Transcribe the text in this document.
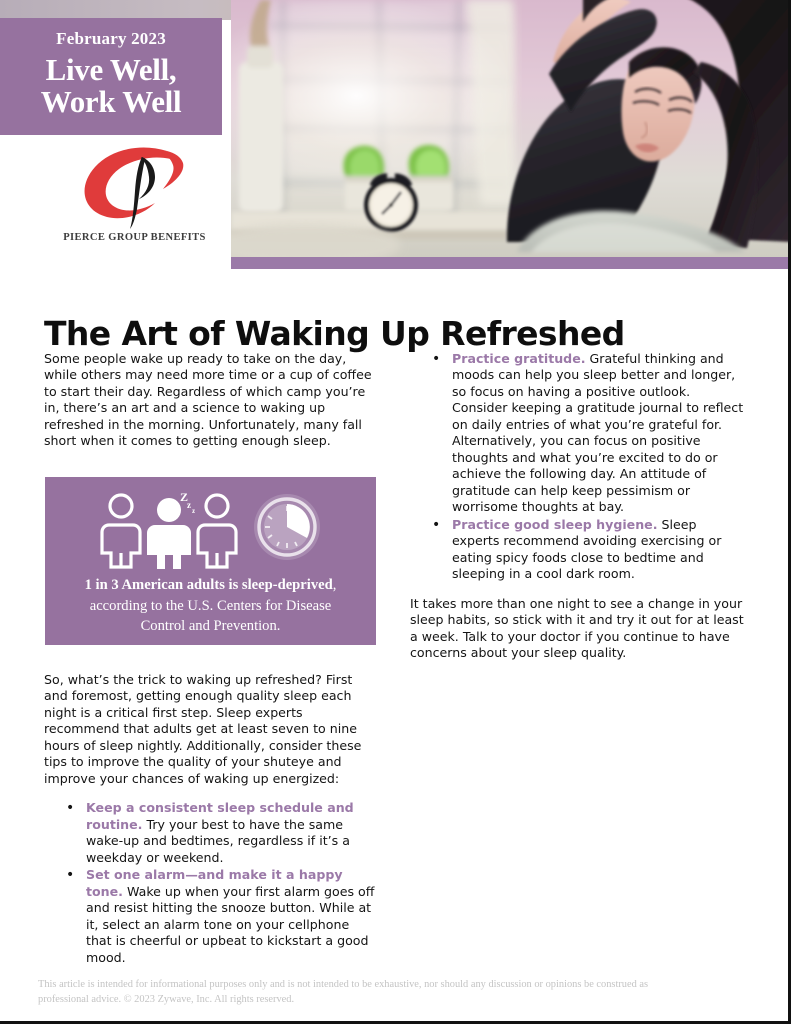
February 2023
Live Well,
Work Well
PIERCE GROUP BENEFITS
The Art of Waking Up Refreshed

Some people wake up ready to take on the day, while others may need more time or a cup of coffee to start their day. Regardless of which camp you’re in, there’s an art and a science to waking up refreshed in the morning. Unfortunately, many fall short when it comes to getting enough sleep.

Z
z
z
1 in 3 American adults is sleep-deprived, according to the U.S. Centers for Disease Control and Prevention.

So, what’s the trick to waking up refreshed? First and foremost, getting enough quality sleep each night is a critical first step. Sleep experts recommend that adults get at least seven to nine hours of sleep nightly. Additionally, consider these tips to improve the quality of your shuteye and improve your chances of waking up energized:

• Keep a consistent sleep schedule and routine. Try your best to have the same wake-up and bedtimes, regardless if it’s a weekday or weekend.
• Set one alarm—and make it a happy tone. Wake up when your first alarm goes off and resist hitting the snooze button. While at it, select an alarm tone on your cellphone that is cheerful or upbeat to kickstart a good mood.
• Practice gratitude. Grateful thinking and moods can help you sleep better and longer, so focus on having a positive outlook. Consider keeping a gratitude journal to reflect on daily entries of what you’re grateful for. Alternatively, you can focus on positive thoughts and what you’re excited to do or achieve the following day. An attitude of gratitude can help keep pessimism or worrisome thoughts at bay.
• Practice good sleep hygiene. Sleep experts recommend avoiding exercising or eating spicy foods close to bedtime and sleeping in a cool dark room.

It takes more than one night to see a change in your sleep habits, so stick with it and try it out for at least a week. Talk to your doctor if you continue to have concerns about your sleep quality.

This article is intended for informational purposes only and is not intended to be exhaustive, nor should any discussion or opinions be construed as professional advice. © 2023 Zywave, Inc. All rights reserved.
